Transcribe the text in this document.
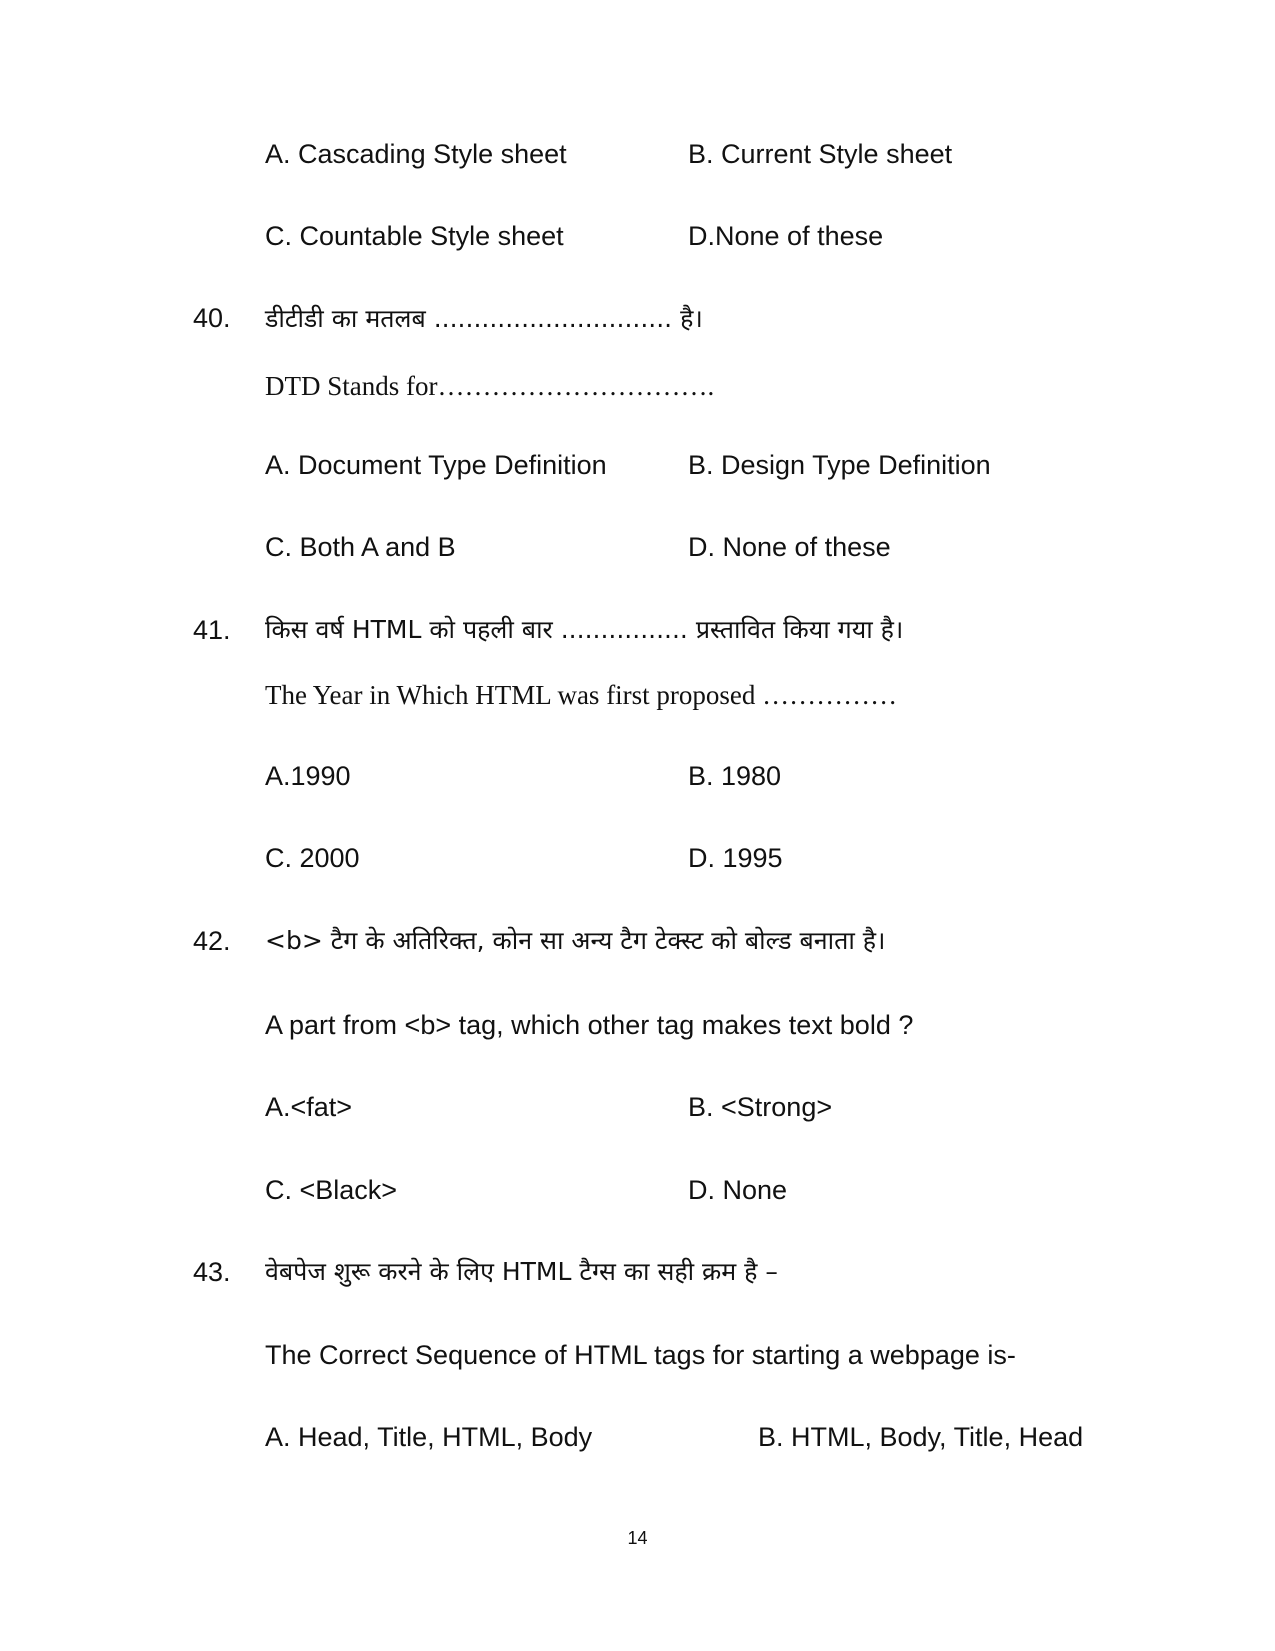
A. Cascading Style sheet	B. Current Style sheet
C. Countable Style sheet	D.None of these
40. डीटीडी का मतलब .............................. है।
DTD Stands for………………………….
A. Document Type Definition	B. Design Type Definition
C. Both A and B	D. None of these
41. किस वर्ष HTML को पहली बार ................ प्रस्तावित किया गया है।
The Year in Which HTML was first proposed ……………
A.1990	B. 1980
C. 2000	D. 1995
42. <b> टैग के अतिरिक्त, कोन सा अन्य टैग टेक्स्ट को बोल्ड बनाता है।
A part from <b> tag, which other tag makes text bold ?
A.<fat>	B. <Strong>
C. <Black>	D. None
43. वेबपेज शुरू करने के लिए HTML टैग्स का सही क्रम है –
The Correct Sequence of HTML tags for starting a webpage is-
A. Head, Title, HTML, Body	B. HTML, Body, Title, Head
14
